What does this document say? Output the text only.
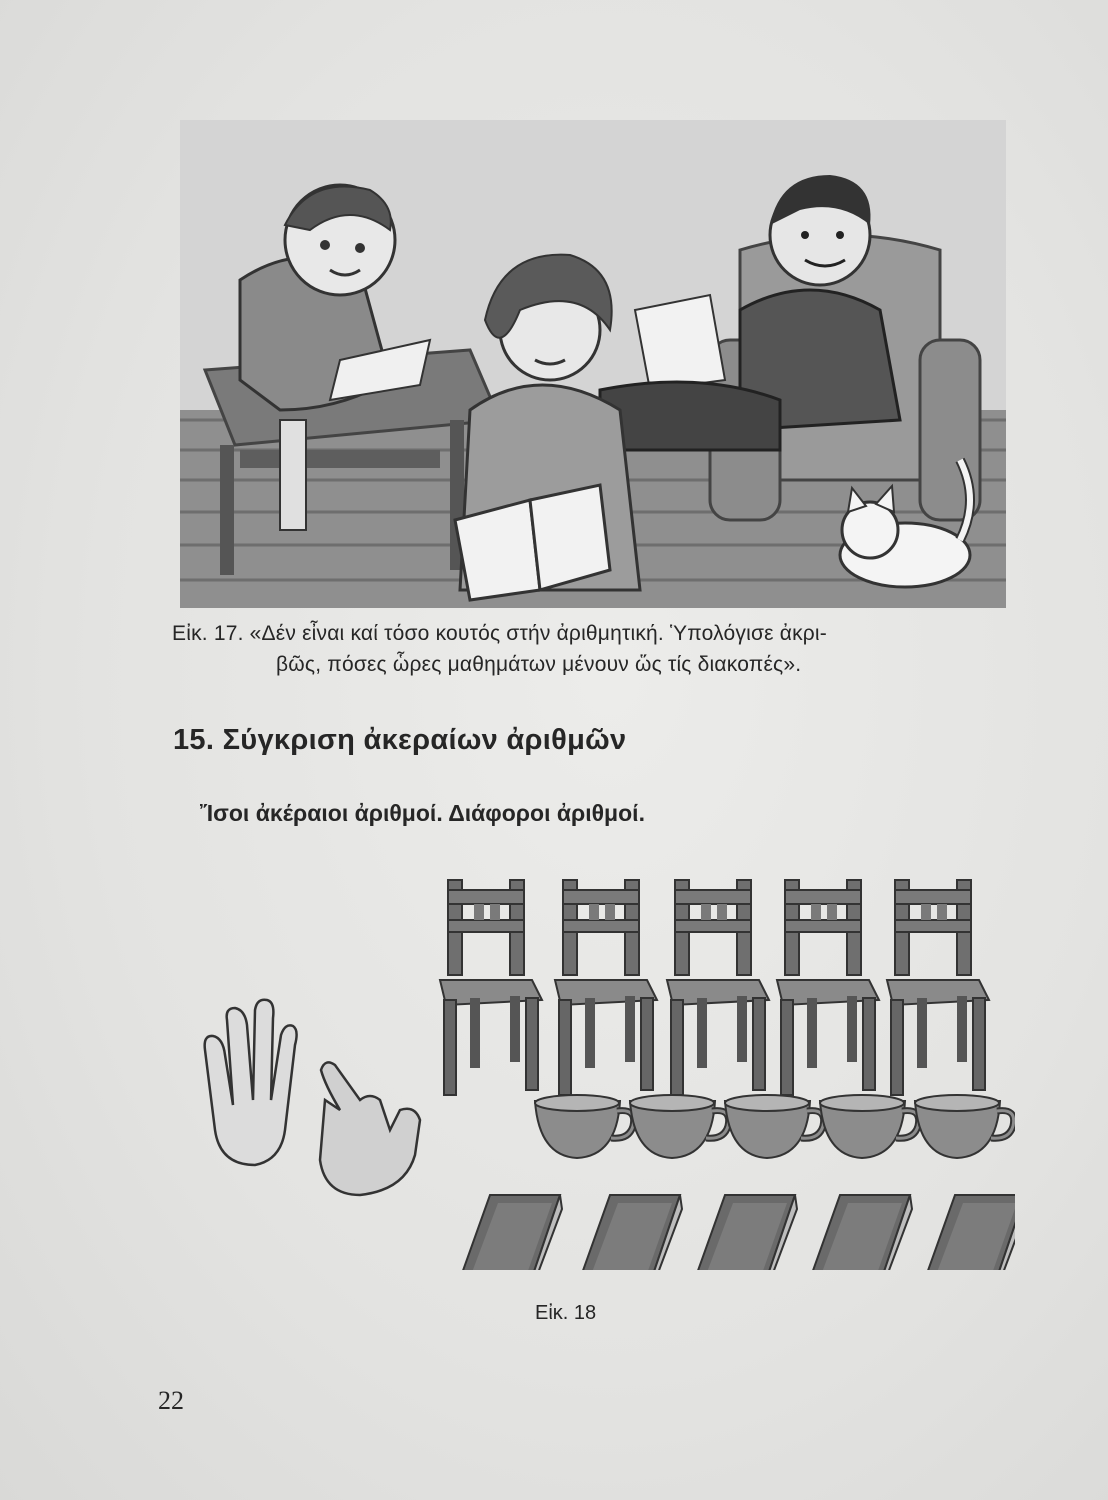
Εἰκ. 17. «Δέν εἶναι καί τόσο κουτός στήν ἀριθμητική. Ὑπολόγισε ἀκρι-
βῶς, πόσες ὧρες μαθημάτων μένουν ὥς τίς διακοπές».
15. Σύγκριση ἀκεραίων ἀριθμῶν
Ἴσοι ἀκέραιοι ἀριθμοί. Διάφοροι ἀριθμοί.
Εἰκ. 18
22
